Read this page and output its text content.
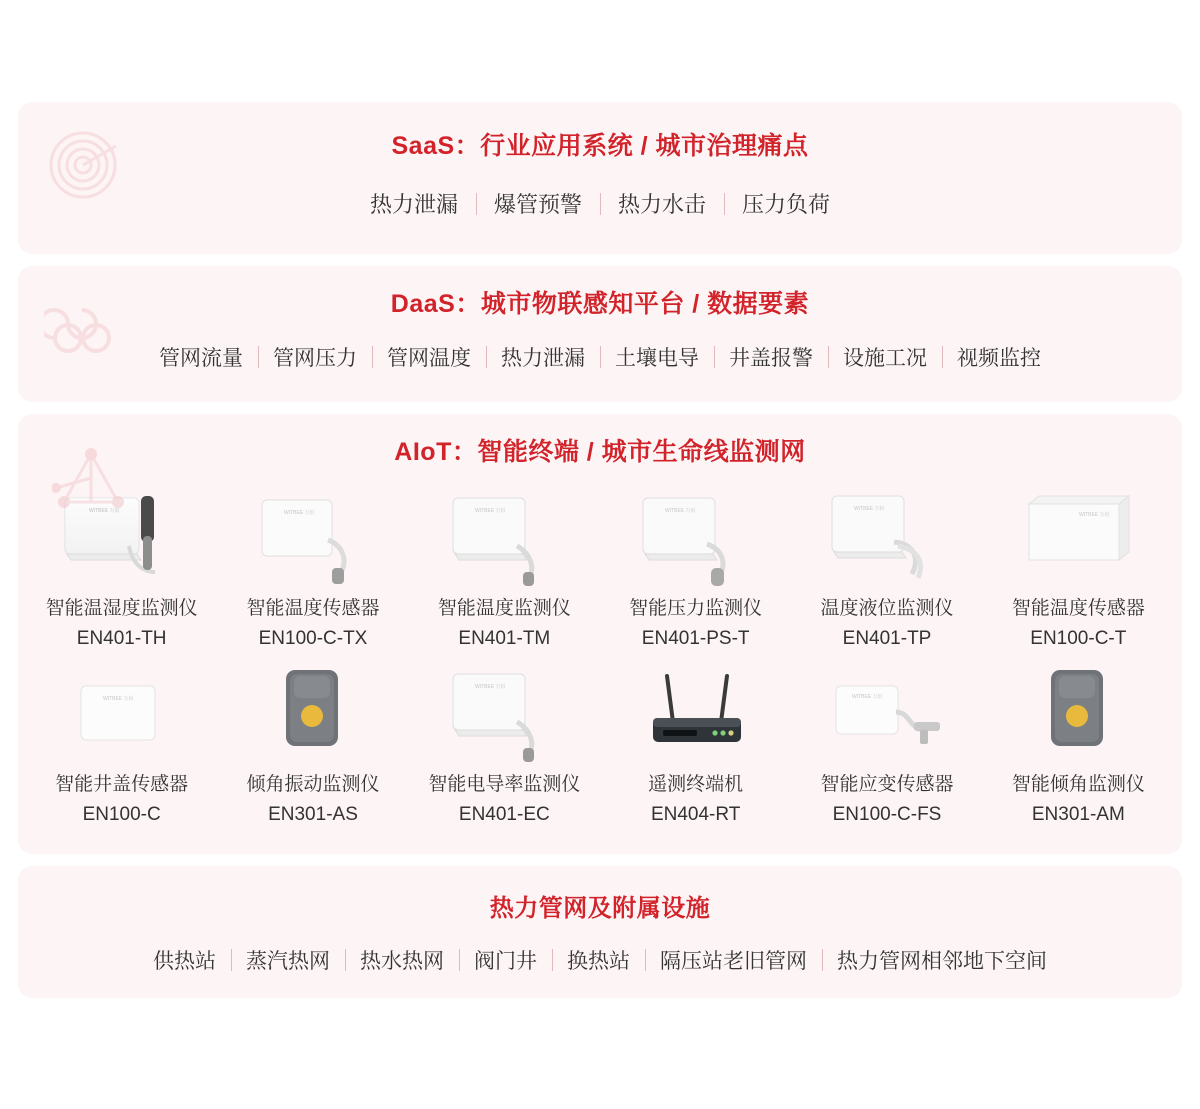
SaaS：行业应用系统 / 城市治理痛点
热力泄漏	爆管预警	热力水击	压力负荷
DaaS：城市物联感知平台 / 数据要素
管网流量	管网压力	管网温度	热力泄漏	土壤电导	井盖报警	设施工况	视频监控
AIoT：智能终端 / 城市生命线监测网
WITBEE 万佰
智能温湿度监测仪
EN401-TH
WITBEE 万佰
智能温度传感器
EN100-C-TX
WITBEE 万佰
智能温度监测仪
EN401-TM
WITBEE 万佰
智能压力监测仪
EN401-PS-T
WITBEE 万佰
温度液位监测仪
EN401-TP
WITBEE 万佰
智能温度传感器
EN100-C-T
WITBEE 万佰
智能井盖传感器
EN100-C
倾角振动监测仪
EN301-AS
WITBEE 万佰
智能电导率监测仪
EN401-EC
遥测终端机
EN404-RT
WITBEE 万佰
智能应变传感器
EN100-C-FS
智能倾角监测仪
EN301-AM
热力管网及附属设施
供热站	蒸汽热网	热水热网	阀门井	换热站	隔压站老旧管网	热力管网相邻地下空间
